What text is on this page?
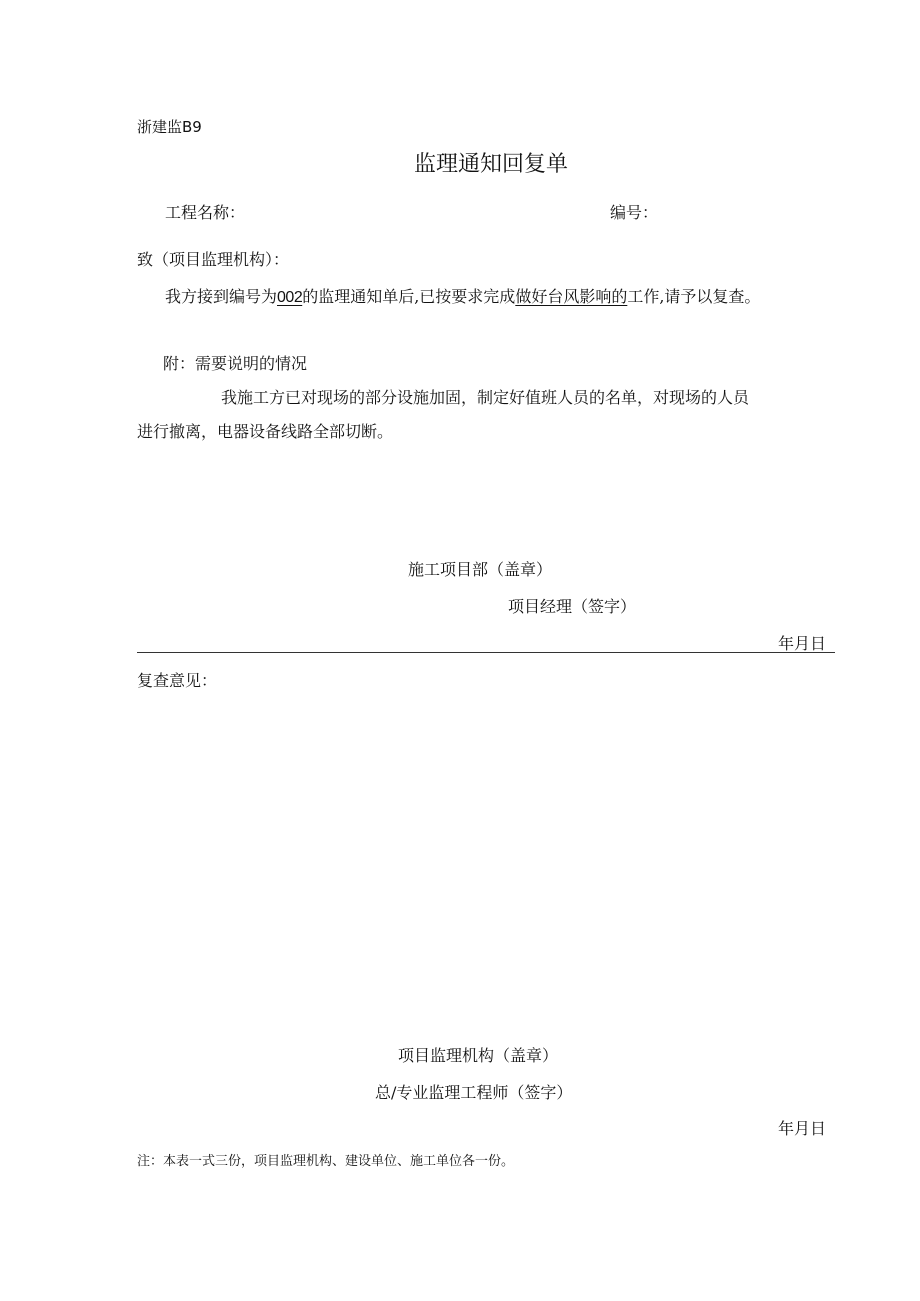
浙建监B9
监理通知回复单
工程名称：	编号：
致（项目监理机构）：
我方接到编号为002的监理通知单后,已按要求完成做好台风影响的工作,请予以复查。
附：需要说明的情况
我施工方已对现场的部分设施加固，制定好值班人员的名单，对现场的人员
进行撤离，电器设备线路全部切断。
施工项目部（盖章）
项目经理（签字）
年月日
复查意见：
项目监理机构（盖章）
总/专业监理工程师（签字）
年月日
注：本表一式三份，项目监理机构、建设单位、施工单位各一份。
